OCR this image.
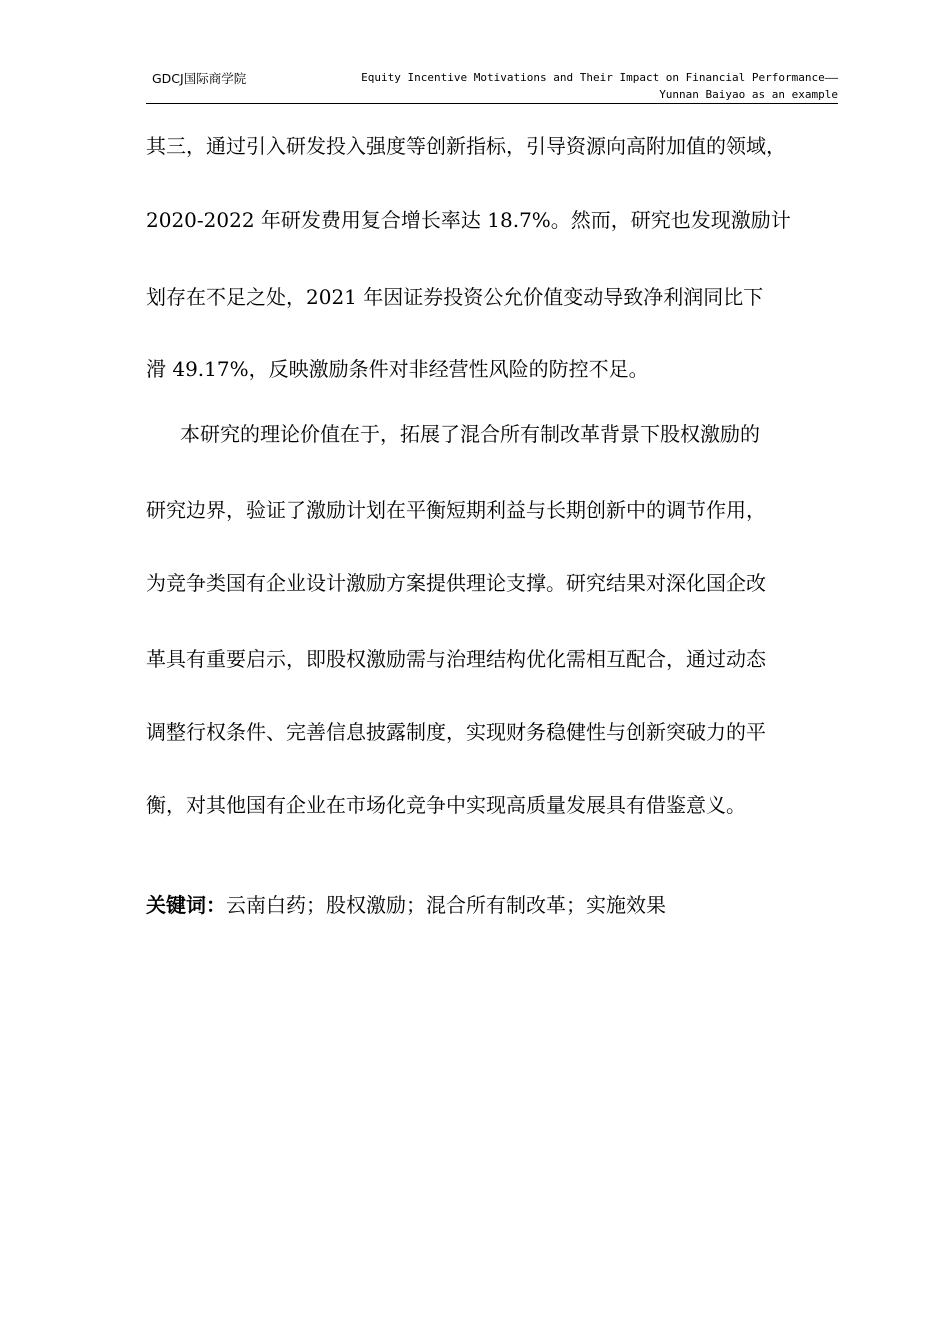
GDCJ国际商学院	Equity Incentive Motivations and Their Impact on Financial Performance——
Yunnan Baiyao as an example
其三，通过引入研发投入强度等创新指标，引导资源向高附加值的领域，
2020-2022 年研发费用复合增长率达 18.7%。然而，研究也发现激励计
划存在不足之处，2021 年因证券投资公允价值变动导致净利润同比下
滑 49.17%，反映激励条件对非经营性风险的防控不足。
本研究的理论价值在于，拓展了混合所有制改革背景下股权激励的
研究边界，验证了激励计划在平衡短期利益与长期创新中的调节作用，
为竞争类国有企业设计激励方案提供理论支撑。研究结果对深化国企改
革具有重要启示，即股权激励需与治理结构优化需相互配合，通过动态
调整行权条件、完善信息披露制度，实现财务稳健性与创新突破力的平
衡，对其他国有企业在市场化竞争中实现高质量发展具有借鉴意义。
关键词：云南白药；股权激励；混合所有制改革；实施效果
